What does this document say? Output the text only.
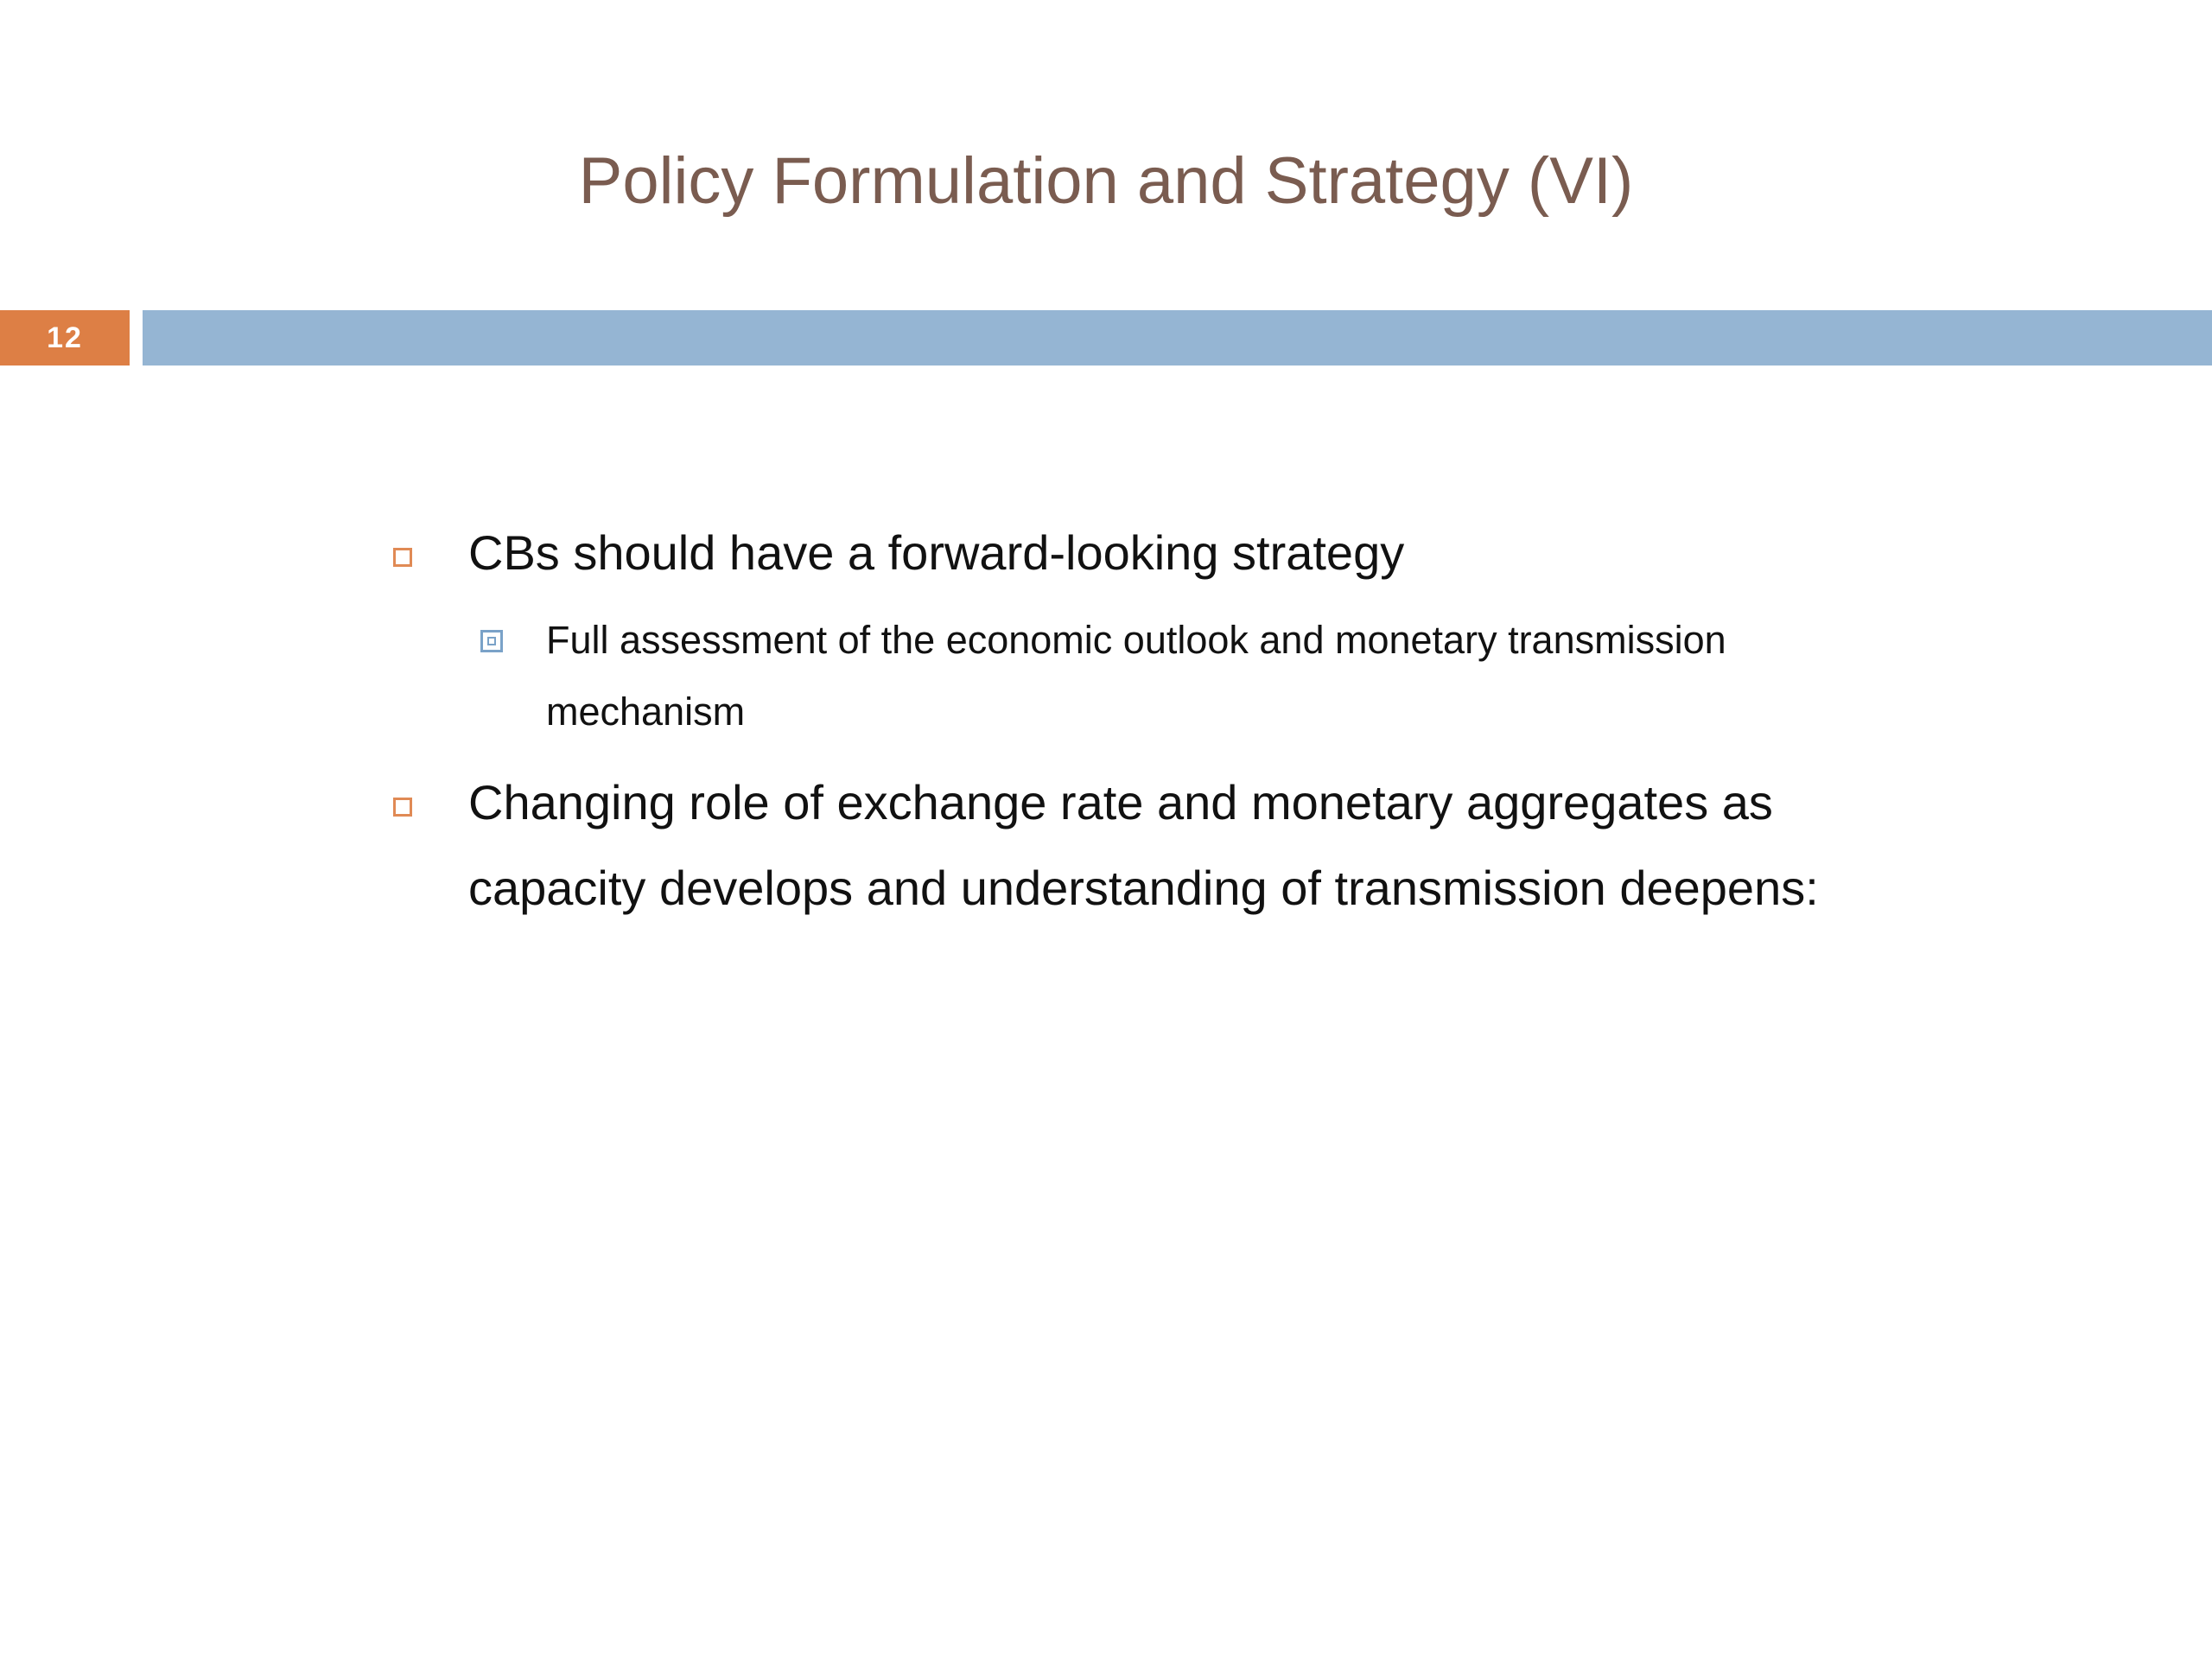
Policy Formulation and Strategy (VI)
12
CBs should have a forward-looking strategy
Full assessment of the economic outlook and monetary transmission mechanism
Changing role of exchange rate and monetary aggregates as capacity develops and understanding of transmission deepens:
